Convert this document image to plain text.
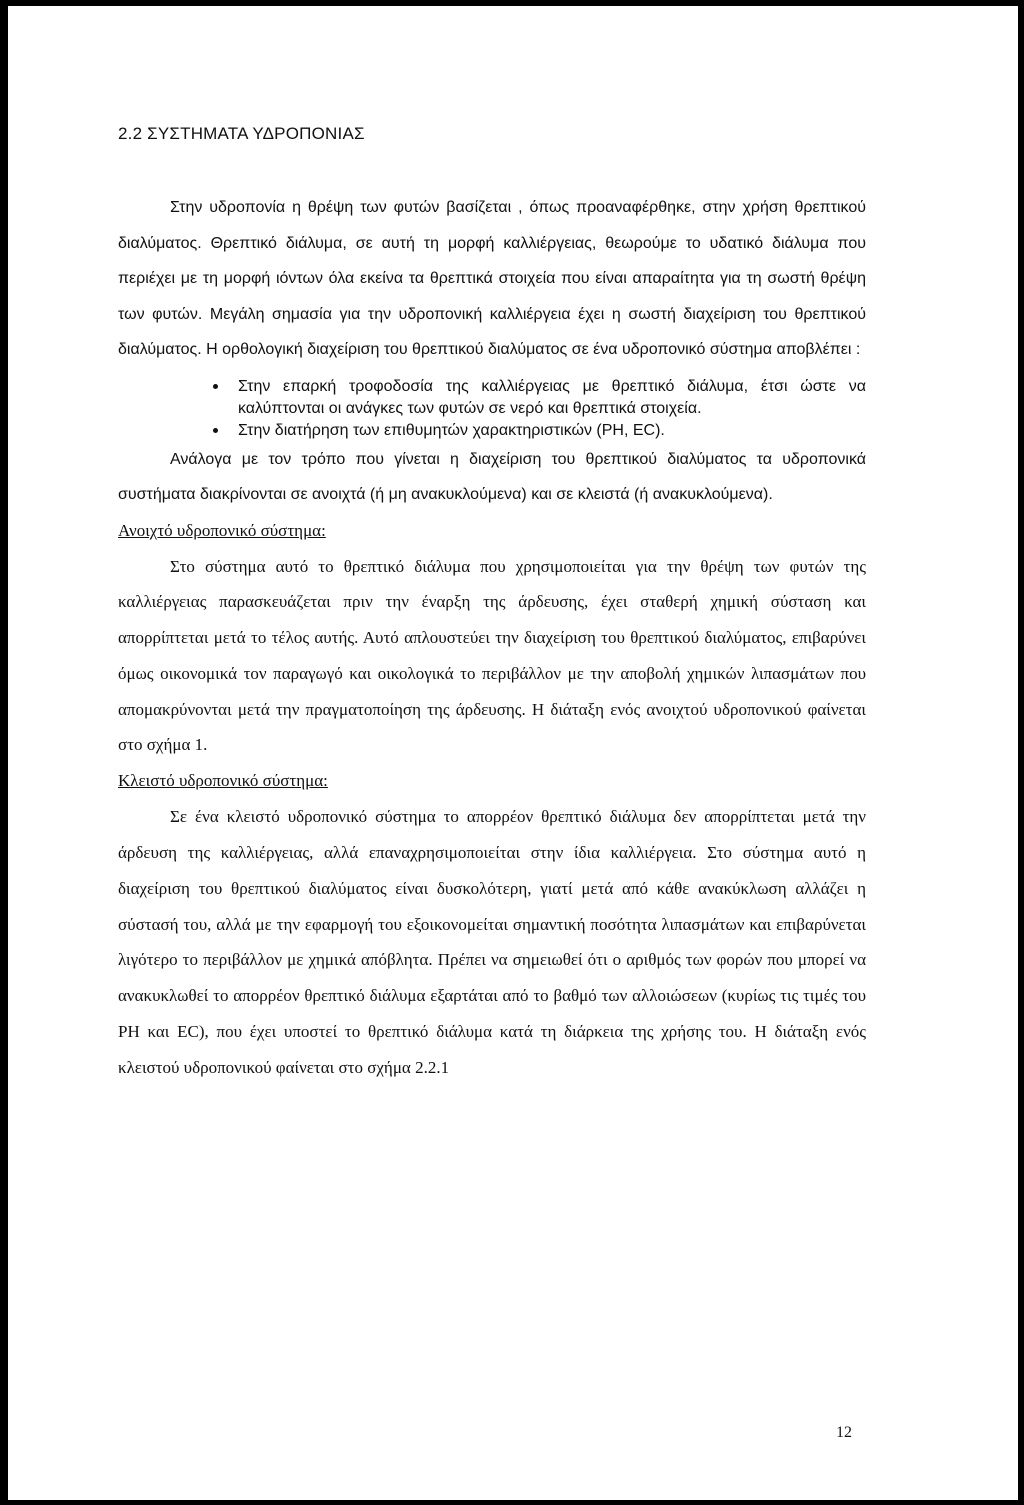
2.2 ΣΥΣΤΗΜΑΤΑ ΥΔΡΟΠΟΝΙΑΣ

Στην υδροπονία η θρέψη των φυτών βασίζεται , όπως προαναφέρθηκε, στην χρήση θρεπτικού διαλύματος. Θρεπτικό διάλυμα, σε αυτή τη μορφή καλλιέργειας, θεωρούμε το υδατικό διάλυμα που περιέχει με τη μορφή ιόντων όλα εκείνα τα θρεπτικά στοιχεία που είναι απαραίτητα για τη σωστή θρέψη των φυτών. Μεγάλη σημασία για την υδροπονική καλλιέργεια έχει η σωστή διαχείριση του θρεπτικού διαλύματος. Η ορθολογική διαχείριση του θρεπτικού διαλύματος σε ένα υδροπονικό σύστημα αποβλέπει :

Στην επαρκή τροφοδοσία της καλλιέργειας με θρεπτικό διάλυμα, έτσι ώστε να καλύπτονται οι ανάγκες των φυτών σε νερό και θρεπτικά στοιχεία.
Στην διατήρηση των επιθυμητών χαρακτηριστικών (PH, EC).

Ανάλογα με τον τρόπο που γίνεται η διαχείριση του θρεπτικού διαλύματος τα υδροπονικά συστήματα διακρίνονται σε ανοιχτά (ή μη ανακυκλούμενα) και σε κλειστά (ή ανακυκλούμενα).

Ανοιχτό υδροπονικό σύστημα:

Στο σύστημα αυτό το θρεπτικό διάλυμα που χρησιμοποιείται για την θρέψη των φυτών της καλλιέργειας παρασκευάζεται πριν την έναρξη της άρδευσης, έχει σταθερή χημική σύσταση και απορρίπτεται μετά το τέλος αυτής. Αυτό απλουστεύει την διαχείριση του θρεπτικού διαλύματος, επιβαρύνει όμως οικονομικά τον παραγωγό και οικολογικά το περιβάλλον με την αποβολή χημικών λιπασμάτων που απομακρύνονται μετά την πραγματοποίηση της άρδευσης. Η διάταξη ενός ανοιχτού υδροπονικού φαίνεται στο σχήμα 1.

Κλειστό υδροπονικό σύστημα:

Σε ένα κλειστό υδροπονικό σύστημα το απορρέον θρεπτικό διάλυμα δεν απορρίπτεται μετά την άρδευση της καλλιέργειας, αλλά επαναχρησιμοποιείται στην ίδια καλλιέργεια. Στο σύστημα αυτό η διαχείριση του θρεπτικού διαλύματος είναι δυσκολότερη, γιατί μετά από κάθε ανακύκλωση αλλάζει η σύστασή του, αλλά με την εφαρμογή του εξοικονομείται σημαντική ποσότητα λιπασμάτων και επιβαρύνεται λιγότερο το περιβάλλον με χημικά απόβλητα. Πρέπει να σημειωθεί ότι ο αριθμός των φορών που μπορεί να ανακυκλωθεί το απορρέον θρεπτικό διάλυμα εξαρτάται από το βαθμό των αλλοιώσεων (κυρίως τις τιμές του PH και EC), που έχει υποστεί το θρεπτικό διάλυμα κατά τη διάρκεια της χρήσης του. Η διάταξη ενός κλειστού υδροπονικού φαίνεται στο σχήμα 2.2.1

12
